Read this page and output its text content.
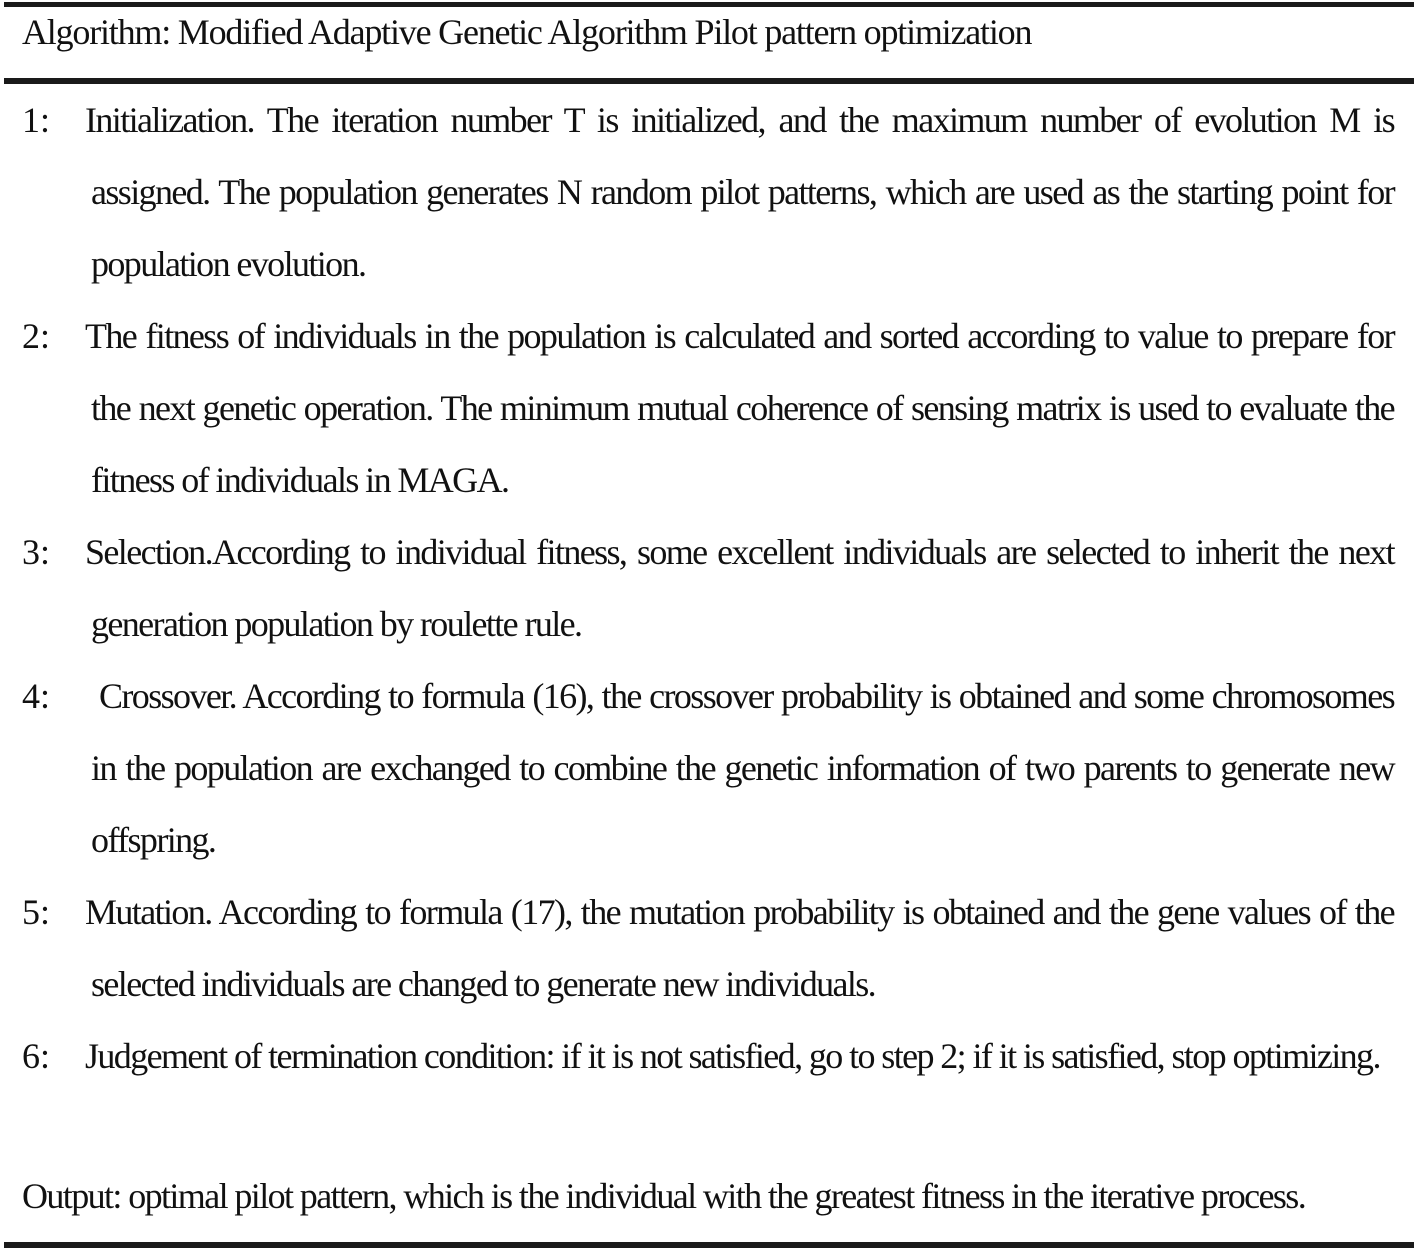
Algorithm: Modified Adaptive Genetic Algorithm Pilot pattern optimization
1: Initialization. The iteration number T is initialized, and the maximum number of evolution M is assigned. The population generates N random pilot patterns, which are used as the starting point for population evolution.
2: The fitness of individuals in the population is calculated and sorted according to value to prepare for the next genetic operation. The minimum mutual coherence of sensing matrix is used to evaluate the fitness of individuals in MAGA.
3: Selection.According to individual fitness, some excellent individuals are selected to inherit the next generation population by roulette rule.
4: Crossover. According to formula (16), the crossover probability is obtained and some chromosomes in the population are exchanged to combine the genetic information of two parents to generate new offspring.
5: Mutation. According to formula (17), the mutation probability is obtained and the gene values of the selected individuals are changed to generate new individuals.
6: Judgement of termination condition: if it is not satisfied, go to step 2; if it is satisfied, stop optimizing.
Output: optimal pilot pattern, which is the individual with the greatest fitness in the iterative process.
